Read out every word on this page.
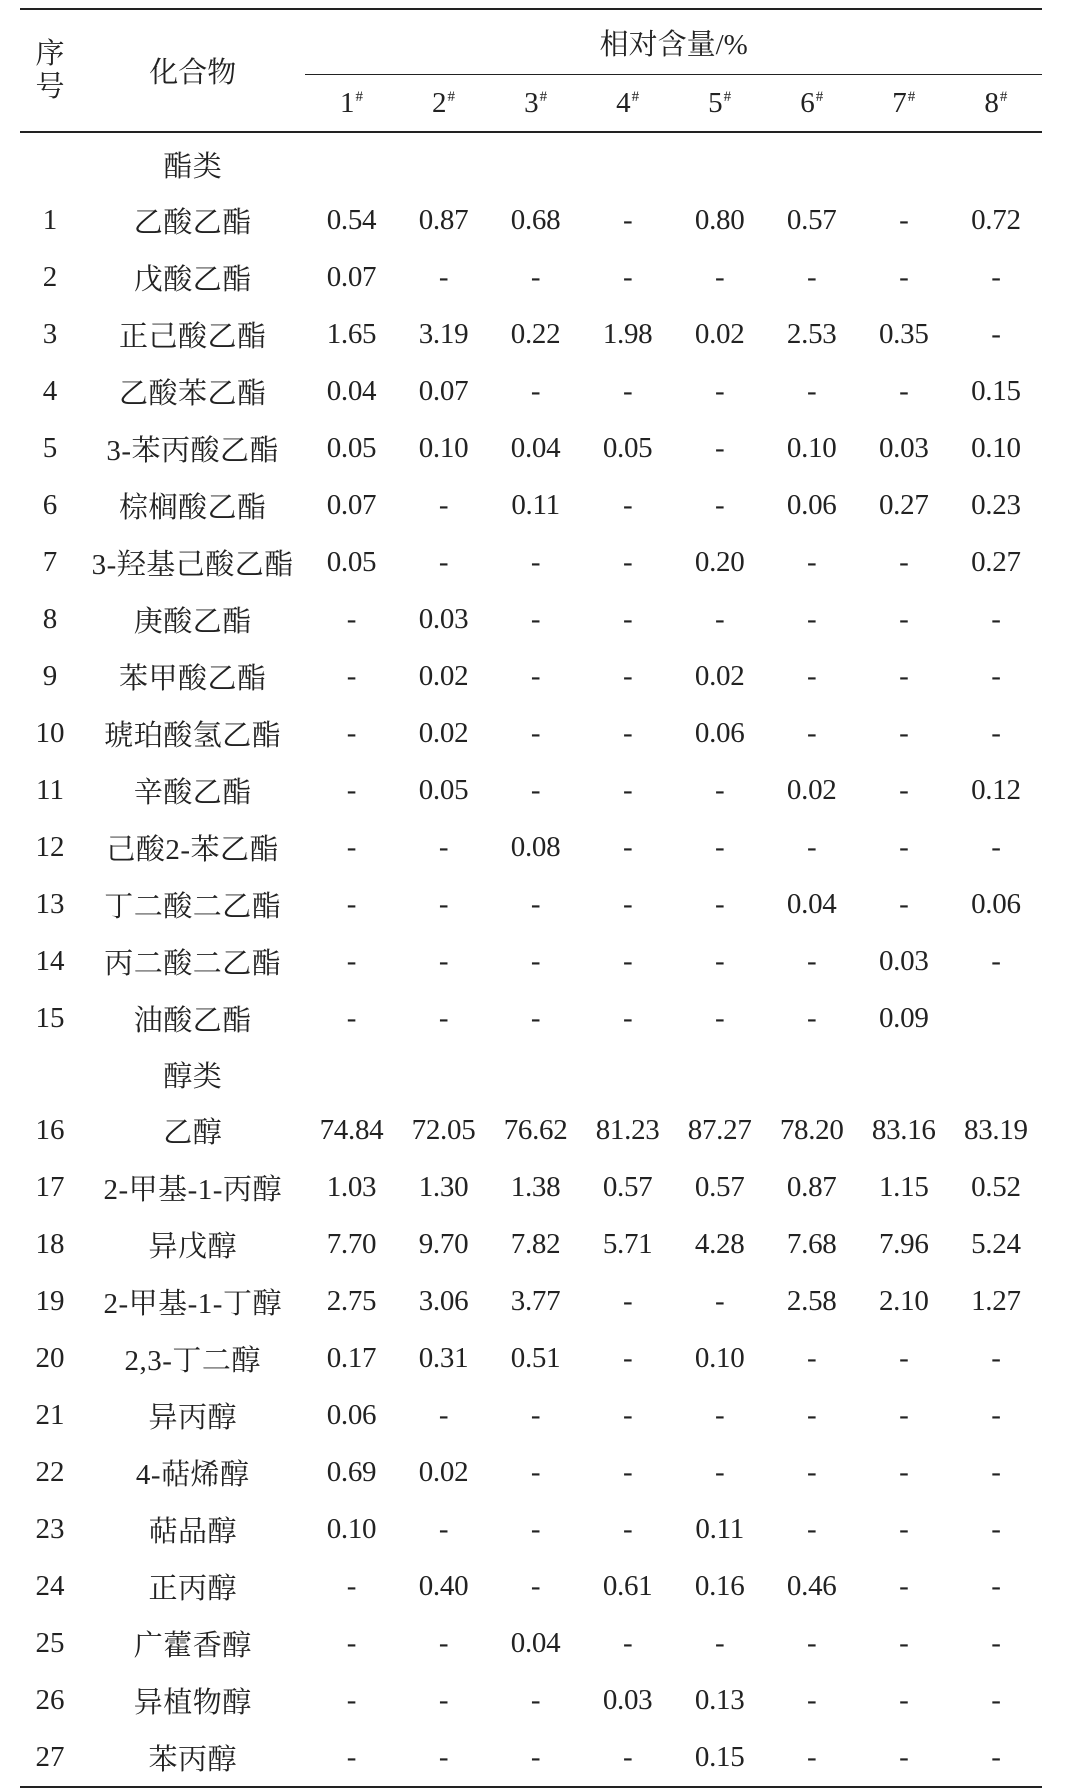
序
号	化合物	相对含量/%							
		1#	2#	3#	4#	5#	6#	7#	8#
	酯类								
1	乙酸乙酯	0.54	0.87	0.68	-	0.80	0.57	-	0.72
2	戊酸乙酯	0.07	-	-	-	-	-	-	-
3	正己酸乙酯	1.65	3.19	0.22	1.98	0.02	2.53	0.35	-
4	乙酸苯乙酯	0.04	0.07	-	-	-	-	-	0.15
5	3-苯丙酸乙酯	0.05	0.10	0.04	0.05	-	0.10	0.03	0.10
6	棕榈酸乙酯	0.07	-	0.11	-	-	0.06	0.27	0.23
7	3-羟基己酸乙酯	0.05	-	-	-	0.20	-	-	0.27
8	庚酸乙酯	-	0.03	-	-	-	-	-	-
9	苯甲酸乙酯	-	0.02	-	-	0.02	-	-	-
10	琥珀酸氢乙酯	-	0.02	-	-	0.06	-	-	-
11	辛酸乙酯	-	0.05	-	-	-	0.02	-	0.12
12	己酸2-苯乙酯	-	-	0.08	-	-	-	-	-
13	丁二酸二乙酯	-	-	-	-	-	0.04	-	0.06
14	丙二酸二乙酯	-	-	-	-	-	-	0.03	-
15	油酸乙酯	-	-	-	-	-	-	0.09	
	醇类								
16	乙醇	74.84	72.05	76.62	81.23	87.27	78.20	83.16	83.19
17	2-甲基-1-丙醇	1.03	1.30	1.38	0.57	0.57	0.87	1.15	0.52
18	异戊醇	7.70	9.70	7.82	5.71	4.28	7.68	7.96	5.24
19	2-甲基-1-丁醇	2.75	3.06	3.77	-	-	2.58	2.10	1.27
20	2,3-丁二醇	0.17	0.31	0.51	-	0.10	-	-	-
21	异丙醇	0.06	-	-	-	-	-	-	-
22	4-萜烯醇	0.69	0.02	-	-	-	-	-	-
23	萜品醇	0.10	-	-	-	0.11	-	-	-
24	正丙醇	-	0.40	-	0.61	0.16	0.46	-	-
25	广藿香醇	-	-	0.04	-	-	-	-	-
26	异植物醇	-	-	-	0.03	0.13	-	-	-
27	苯丙醇	-	-	-	-	0.15	-	-	-
